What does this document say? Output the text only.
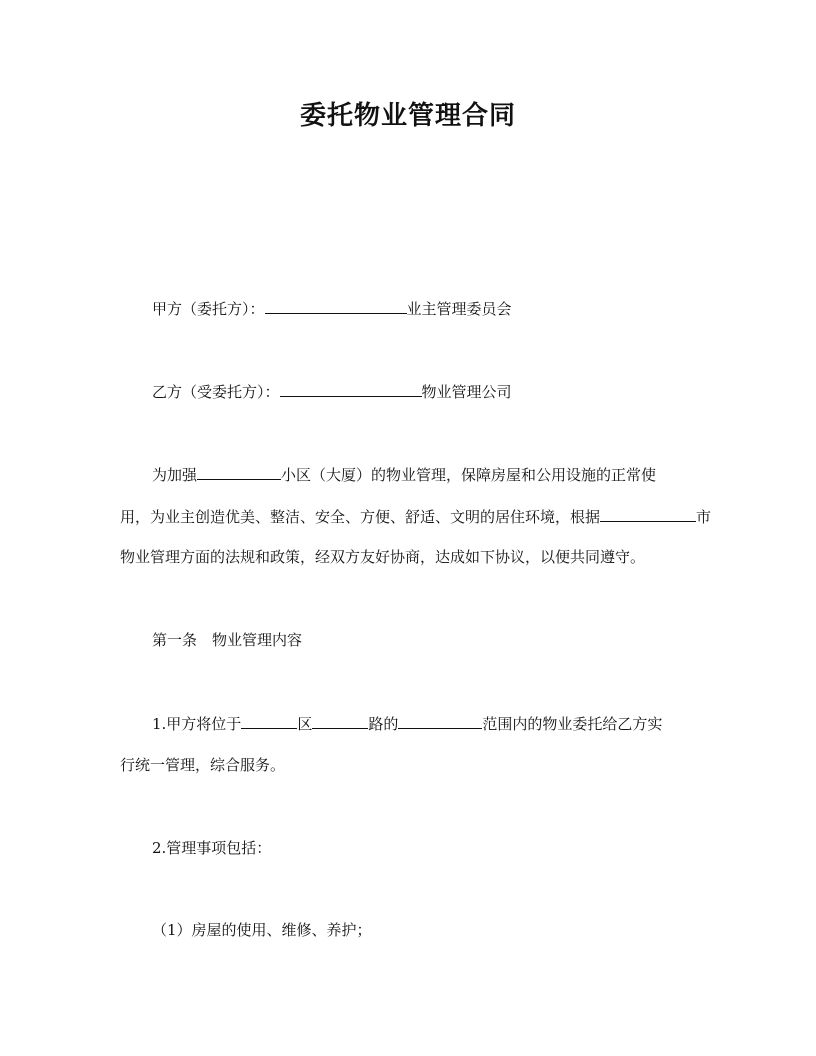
委托物业管理合同
甲方（委托方）：	业主管理委员会
乙方（受委托方）：	物业管理公司
为加强	小区（大厦）的物业管理，保障房屋和公用设施的正常使
用，为业主创造优美、整洁、安全、方便、舒适、文明的居住环境，根据	市
物业管理方面的法规和政策，经双方友好协商，达成如下协议，以便共同遵守。
第一条　物业管理内容
1.甲方将位于	区	路的	范围内的物业委托给乙方实
行统一管理，综合服务。
2.管理事项包括：
（1）房屋的使用、维修、养护；
